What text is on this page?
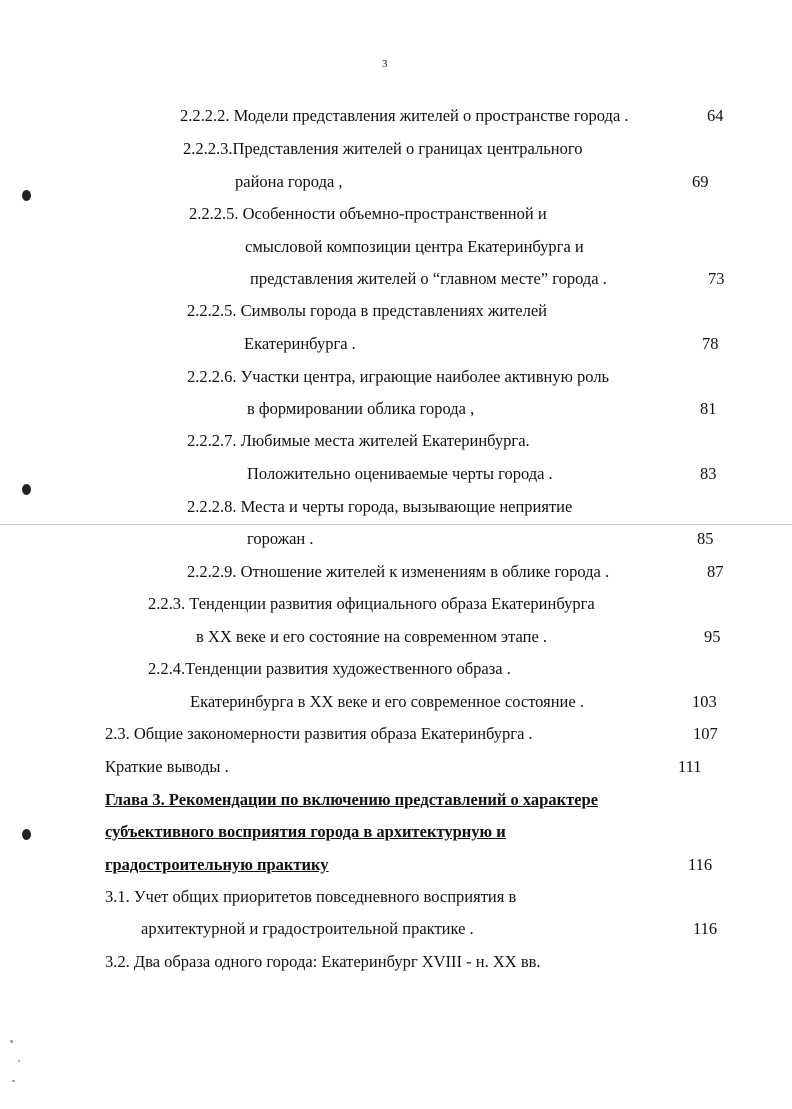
3
2.2.2.2. Модели представления жителей о пространстве города .	64
2.2.2.3.Представления жителей о границах центрального
района города ,	69
2.2.2.5. Особенности объемно-пространственной и
смысловой композиции центра Екатеринбурга и
представления жителей о “главном месте” города .	73
2.2.2.5. Символы города в представлениях жителей
Екатеринбурга .	78
2.2.2.6. Участки центра, играющие наиболее активную роль
в формировании облика города ,	81
2.2.2.7. Любимые места жителей Екатеринбурга.
Положительно оцениваемые черты города .	83
2.2.2.8. Места и черты города, вызывающие неприятие
горожан .	85
2.2.2.9. Отношение жителей к изменениям в облике города .	87
2.2.3. Тенденции развития официального образа Екатеринбурга
в XX веке и его состояние на современном этапе .	95
2.2.4.Тенденции развития художественного образа .
Екатеринбурга в XX веке и его современное состояние .	103
2.3. Общие закономерности развития образа Екатеринбурга .	107
Краткие выводы .	111
Глава 3. Рекомендации по включению представлений о характере
субъективного восприятия города в архитектурную и
градостроительную практику	116
3.1. Учет общих приоритетов повседневного восприятия в
архитектурной и градостроительной практике .	116
3.2. Два образа одного города: Екатеринбург XVIII - н. XX вв.
